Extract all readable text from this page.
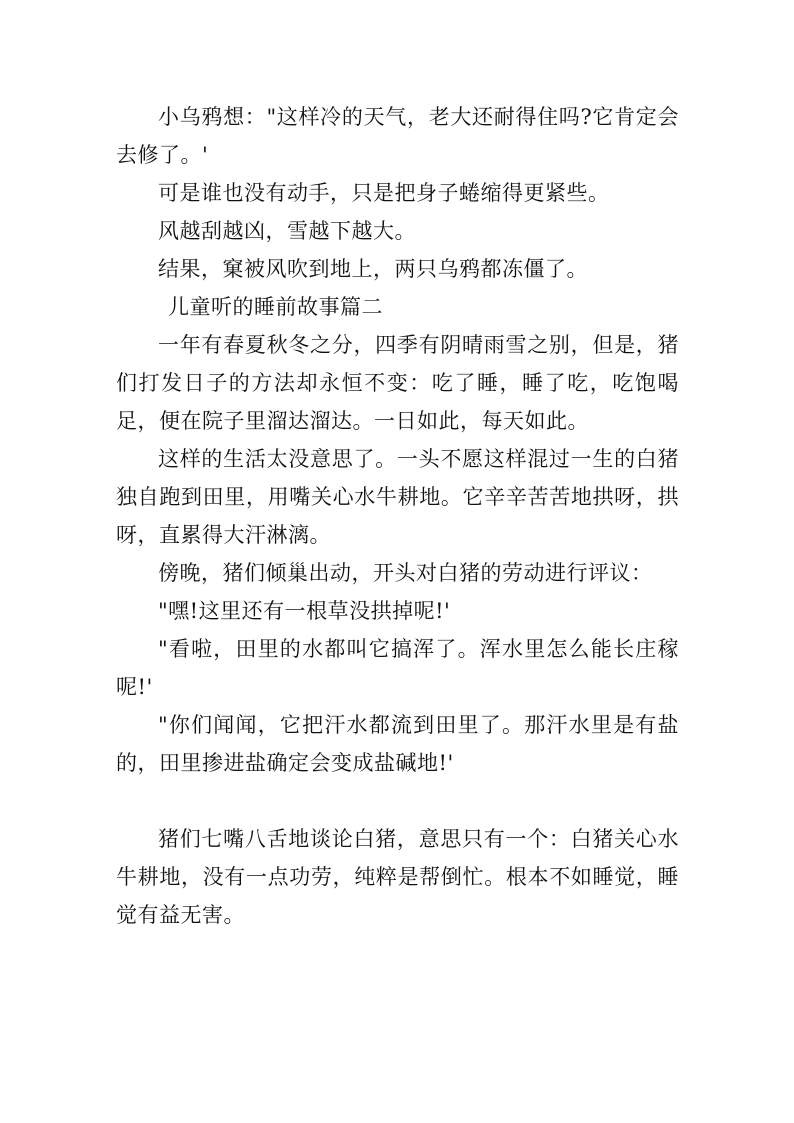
小乌鸦想："这样冷的天气，老大还耐得住吗?它肯定会去修了。'

可是谁也没有动手，只是把身子蜷缩得更紧些。

风越刮越凶，雪越下越大。

结果，窠被风吹到地上，两只乌鸦都冻僵了。

儿童听的睡前故事篇二

一年有春夏秋冬之分，四季有阴晴雨雪之别，但是，猪们打发日子的方法却永恒不变：吃了睡，睡了吃，吃饱喝足，便在院子里溜达溜达。一日如此，每天如此。

这样的生活太没意思了。一头不愿这样混过一生的白猪独自跑到田里，用嘴关心水牛耕地。它辛辛苦苦地拱呀，拱呀，直累得大汗淋漓。

傍晚，猪们倾巢出动，开头对白猪的劳动进行评议：

"嘿!这里还有一根草没拱掉呢!'

"看啦，田里的水都叫它搞浑了。浑水里怎么能长庄稼呢!'

"你们闻闻，它把汗水都流到田里了。那汗水里是有盐的，田里掺进盐确定会变成盐碱地!'

猪们七嘴八舌地谈论白猪，意思只有一个：白猪关心水牛耕地，没有一点功劳，纯粹是帮倒忙。根本不如睡觉，睡觉有益无害。
